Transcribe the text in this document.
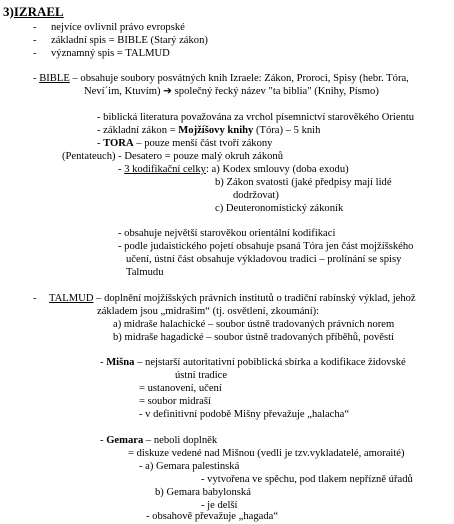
3)IZRAEL
- nejvíce ovlivnil právo evropské
- základní spis = BIBLE (Starý zákon)
- významný spis = TALMUD
- BIBLE – obsahuje soubory posvátných knih Izraele: Zákon, Proroci, Spisy (hebr. Tóra,
Neví´im, Ktuvím) ➔ společný řecký název "ta biblia" (Knihy, Písmo)
- biblická literatura považována za vrchol písemnictví starověkého Orientu
- základní zákon = Mojžíšovy knihy (Tóra) – 5 knih
- TORA – pouze menší část tvoří zákony
(Pentateuch) - Desatero = pouze malý okruh zákonů
- 3 kodifikační celky: a) Kodex smlouvy (doba exodu)
b) Zákon svatosti (jaké předpisy mají lidé
dodržovat)
c) Deuteronomistický zákoník
- obsahuje největší starověkou orientální kodifikaci
- podle judaistického pojetí obsahuje psaná Tóra jen část mojžíšského
učení, ústní část obsahuje výkladovou tradici – prolínání se spisy
Talmudu
- TALMUD – doplnění mojžíšských právních institutů o tradiční rabínský výklad, jehož
základem jsou „midrašim“ (tj. osvětlení, zkoumání):
a) midraše halachické – soubor ústně tradovaných právních norem
b) midraše hagadické – soubor ústně tradovaných příběhů, pověstí
- Mišna – nejstarší autoritativní pobiblická sbírka a kodifikace židovské
ústní tradice
= ustanovení, učení
= soubor midraší
- v definitivní podobě Mišny převažuje „halacha“
- Gemara – neboli doplněk
= diskuze vedené nad Mišnou (vedli je tzv.vykladatelé, amoraité)
- a) Gemara palestinská
- vytvořena ve spěchu, pod tlakem nepřízně úřadů
b) Gemara babylonská
- je delší
- obsahově převažuje „hagada“
